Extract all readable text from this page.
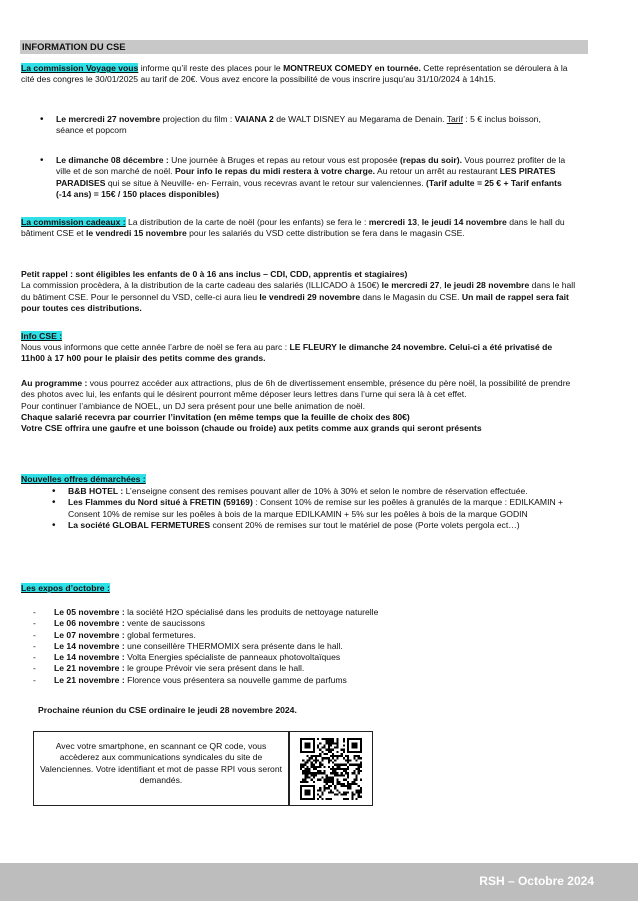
INFORMATION DU CSE
La commission Voyage vous informe qu’il reste des places pour le MONTREUX COMEDY en tournée. Cette représentation se déroulera à la cité des congres le 30/01/2025 au tarif de 20€. Vous avez encore la possibilité de vous inscrire jusqu’au 31/10/2024 à 14h15.
• Le mercredi 27 novembre projection du film : VAIANA 2 de WALT DISNEY au Megarama de Denain. Tarif : 5 € inclus boisson, séance et popcorn
• Le dimanche 08 décembre : Une journée à Bruges et repas au retour vous est proposée (repas du soir). Vous pourrez profiter de la ville et de son marché de noël. Pour info le repas du midi restera à votre charge. Au retour un arrêt au restaurant LES PIRATES PARADISES qui se situe à Neuville- en- Ferrain, vous recevras avant le retour sur valenciennes. (Tarif adulte = 25 € + Tarif enfants (-14 ans) = 15€ / 150 places disponibles)
La commission cadeaux : La distribution de la carte de noël (pour les enfants) se fera le : mercredi 13, le jeudi 14 novembre dans le hall du bâtiment CSE et le vendredi 15 novembre pour les salariés du VSD cette distribution se fera dans le magasin CSE.
Petit rappel : sont éligibles les enfants de 0 à 16 ans inclus – CDI, CDD, apprentis et stagiaires)
La commission procèdera, à la distribution de la carte cadeau des salariés (ILLICADO à 150€) le mercredi 27, le jeudi 28 novembre dans le hall du bâtiment CSE. Pour le personnel du VSD, celle-ci aura lieu le vendredi 29 novembre dans le Magasin du CSE. Un mail de rappel sera fait pour toutes ces distributions.
Info CSE :
Nous vous informons que cette année l’arbre de noël se fera au parc : LE FLEURY le dimanche 24 novembre. Celui-ci a été privatisé de 11h00 à 17 h00 pour le plaisir des petits comme des grands.
Au programme : vous pourrez accéder aux attractions, plus de 6h de divertissement ensemble, présence du père noël, la possibilité de prendre des photos avec lui, les enfants qui le désirent pourront même déposer leurs lettres dans l’urne qui sera là à cet effet.
Pour continuer l’ambiance de NOEL, un DJ sera présent pour une belle animation de noël.
Chaque salarié recevra par courrier l’invitation (en même temps que la feuille de choix des 80€)
Votre CSE offrira une gaufre et une boisson (chaude ou froide) aux petits comme aux grands qui seront présents
Nouvelles offres démarchées :
• B&B HOTEL : L’enseigne consent des remises pouvant aller de 10% à 30% et selon le nombre de réservation effectuée.
• Les Flammes du Nord situé à FRETIN (59169) : Consent 10% de remise sur les poêles à granulés de la marque : EDILKAMIN + Consent 10% de remise sur les poêles à bois de la marque EDILKAMIN + 5% sur les poêles à bois de la marque GODIN
• La société GLOBAL FERMETURES consent 20% de remises sur tout le matériel de pose (Porte volets pergola ect…)
Les expos d’octobre :
- Le 05 novembre : la société H2O spécialisé dans les produits de nettoyage naturelle
- Le 06 novembre : vente de saucissons
- Le 07 novembre : global fermetures.
- Le 14 novembre : une conseillère THERMOMIX sera présente dans le hall.
- Le 14 novembre : Volta Energies spécialiste de panneaux photovoltaïques
- Le 21 novembre : le groupe Prévoir vie sera présent dans le hall.
- Le 21 novembre : Florence vous présentera sa nouvelle gamme de parfums
Prochaine réunion du CSE ordinaire le jeudi 28 novembre 2024.
Avec votre smartphone, en scannant ce QR code, vous accèderez aux communications syndicales du site de Valenciennes. Votre identifiant et mot de passe RPI vous seront demandés.
RSH – Octobre 2024
